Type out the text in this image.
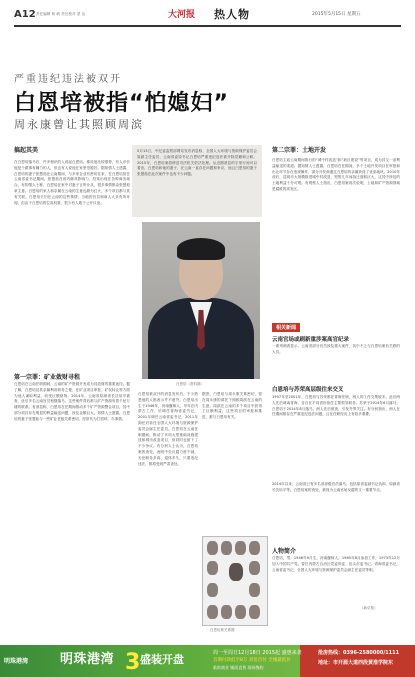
A12 责任编辑 杨 帆 责任校对 蒙 冶	大河报 热人物	2015年5月15日 星期五
严重违纪违法被双开
白恩培被指“怕媳妇”
周永康曾让其照顾周滨
搞起其美
在白恩培落马后，许多相识的人说起白恩培，都说他比较强势，有人评价他是个做事有魄力的人，但也有人说他在家里怕媳妇。据知情人士透露，白恩培的妻子张慧茹在云南期间，与多家企业有密切往来，在白恩培担任云南省委书记期间，张慧茹在省内颇具影响力，经常出现在各种商务场合。有知情人士称，白恩培在家中对妻子言听计从，很多事情都由张慧茹拿主意。白恩培的家人和亲属在云南的生意也颇为红火，多个项目都与其有关联。白恩培夫妇在云南的这些事情，当地的官员和商人大多有所耳闻，但由于白恩培的位高权重，很少有人敢于公开议论。
第一宗罪：矿业敛财寻租
白恩培在云南任职期间，云南的矿产资源开发成为其敛财的重要途径。据了解，白恩培及其亲属利用职务之便，在矿业项目审批、矿权转让等方面为他人谋取利益，收受巨额财物。2014年，云南省原副省长沈培平被查，此后多名云南官员相继落马，这些案件背后都与矿产资源有着千丝万缕的联系。有消息称，白恩培在任期间推动多个矿产资源整合项目，其中部分项目存在明显的利益输送问题，涉及金额巨大。知情人士透露，白恩培的妻子张慧茹与一些矿业老板关系密切，经常代为打招呼、办事情。
5月13日，中纪委监察部网站发布消息称，全国人大环境与资源保护委员会原副主任委员、云南省委原书记白恩培严重违纪违法被开除党籍和公职。2015年，白恩培案将移送司法机关依法处理。从近期消息的字里行间可以看出，白恩培和他的妻子，在云南一直存在问题和争议，而且白恩培的妻子张慧茹在此次案件中也有不少问题。
白恩培（资料图）
白恩培被双开的消息发布后，不少熟悉他的人都表示并不意外。白恩培出生于1946年，河南偃师人，早年在内蒙古工作，后调任青海省委书记，2001年调任云南省委书记，2011年卸任后转任全国人大环境与资源保护委员会副主任委员。白恩培在云南任职期间，推动了多项大型基础设施建设和城市改造项目，但同时也留下了不少争议。有分析人士认为，白恩培案的查处，表明中央反腐力度不减，无论职务多高、退休多久，只要违纪违法，都将受到严肃查处。
据悉，白恩培与周永康关系密切，曾在周永康的请托下照顾周滨在云南的生意。周滨在云南的多个项目中获得了巨额利益，这些项目的审批和推进，都与白恩培有关。
白恩培系关系图
第二宗罪：土地开发
白恩培主政云南期间推行的“城中村改造”和“新区建设”等项目，成为其又一条利益输送的渠道。据知情人士透露，白恩培在任期间，多个土地开发项目在审批和出让环节存在违规操作，部分开发商通过白恩培的亲属获得了优质地块。2010年前后，昆明市大规模推进城中村改造，短短几年间拆迁面积巨大，这其中涉及的土地利益十分可观。有观察人士指出，白恩培案再次说明，土地和矿产资源领域是腐败的高发区。
相关新闻
云南官场或刷新重涉案高官纪录
一系列调查显示，云南省部分官员涉及重大案件，其中不乏与白恩培案有关联的人员。
白恩培与苏荣高层级往来交叉
1997年至2001年，白恩培与苏荣都在青海任职，两人的工作交集较多。此后两人先后调离青海，各自在不同省份担任主要领导职务。苏荣于2014年6月落马，白恩培于2014年8月落马，两人先后被查，引发外界关注。有分析指出，两人在任期间都存在严重违纪违法问题，且在任职经历上有较多重叠。
2014年以来，云南省已有多名省部级官员落马，包括原省委副书记仇和、原副省长沈培平等。白恩培案的查处，被视为云南官场反腐的又一重要节点。
人物简介
白恩培，男，1946年9月生，河南偃师人，1965年8月参加工作，1973年12月加入中国共产党。曾任内蒙古自治区党委常委、包头市委书记，青海省委书记，云南省委书记，全国人大环境与资源保护委员会副主任委员等职。
（新京报）
明珠港湾 明珠港湾 3 盛装开盘	周一至周日12月18日 2015起 盛惠来袭
首期付款低至8万 双倍首付 全城最低价
临街商业 铺面直售 现场签约
抢房热线：0396-2580000/1111
地址：市开源大道西段黄淮学院东
